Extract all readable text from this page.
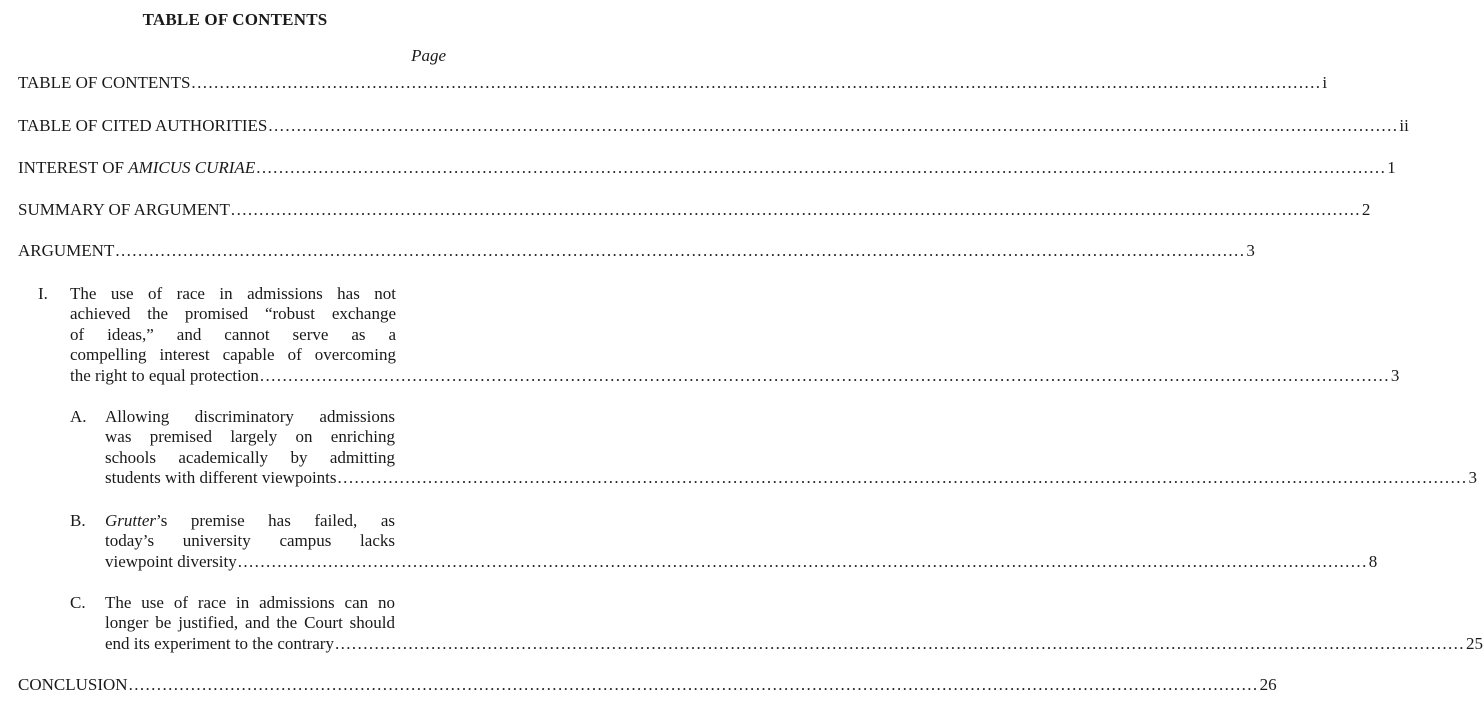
TABLE OF CONTENTS
Page
TABLE OF CONTENTS ........................................................................................................................................................................................................ i
TABLE OF CITED AUTHORITIES ........................................................................................................................................................................................................ ii
INTEREST OF AMICUS CURIAE ........................................................................................................................................................................................................ 1
SUMMARY OF ARGUMENT ........................................................................................................................................................................................................ 2
ARGUMENT ........................................................................................................................................................................................................ 3
I. The use of race in admissions has not
achieved the promised “robust exchange
of ideas,” and cannot serve as a
compelling interest capable of overcoming
the right to equal protection ........................................................................................................................................................................................................ 3
A. Allowing discriminatory admissions
was premised largely on enriching
schools academically by admitting
students with different viewpoints ........................................................................................................................................................................................................ 3
B. Grutter’s premise has failed, as
today’s university campus lacks
viewpoint diversity ........................................................................................................................................................................................................ 8
C. The use of race in admissions can no
longer be justified, and the Court should
end its experiment to the contrary ........................................................................................................................................................................................................ 25
CONCLUSION ........................................................................................................................................................................................................ 26
